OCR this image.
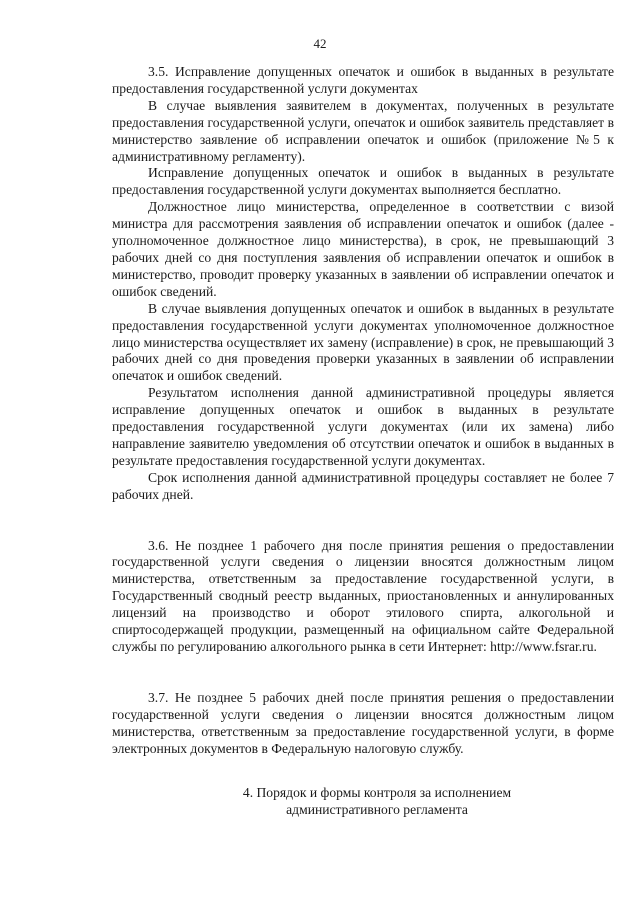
42

3.5. Исправление допущенных опечаток и ошибок в выданных в результате предоставления государственной услуги документах

В случае выявления заявителем в документах, полученных в результате предоставления государственной услуги, опечаток и ошибок заявитель представляет в министерство заявление об исправлении опечаток и ошибок (приложение №5 к административному регламенту).

Исправление допущенных опечаток и ошибок в выданных в результате предоставления государственной услуги документах выполняется бесплатно.

Должностное лицо министерства, определенное в соответствии с визой министра для рассмотрения заявления об исправлении опечаток и ошибок (далее - уполномоченное должностное лицо министерства), в срок, не превышающий 3 рабочих дней со дня поступления заявления об исправлении опечаток и ошибок в министерство, проводит проверку указанных в заявлении об исправлении опечаток и ошибок сведений.

В случае выявления допущенных опечаток и ошибок в выданных в результате предоставления государственной услуги документах уполномоченное должностное лицо министерства осуществляет их замену (исправление) в срок, не превышающий 3 рабочих дней со дня проведения проверки указанных в заявлении об исправлении опечаток и ошибок сведений.

Результатом исполнения данной административной процедуры является исправление допущенных опечаток и ошибок в выданных в результате предоставления государственной услуги документах (или их замена) либо направление заявителю уведомления об отсутствии опечаток и ошибок в выданных в результате предоставления государственной услуги документах.

Срок исполнения данной административной процедуры составляет не более 7 рабочих дней.

3.6. Не позднее 1 рабочего дня после принятия решения о предоставлении государственной услуги сведения о лицензии вносятся должностным лицом министерства, ответственным за предоставление государственной услуги, в Государственный сводный реестр выданных, приостановленных и аннулированных лицензий на производство и оборот этилового спирта, алкогольной и спиртосодержащей продукции, размещенный на официальном сайте Федеральной службы по регулированию алкогольного рынка в сети Интернет: http://www.fsrar.ru.

3.7. Не позднее 5 рабочих дней после принятия решения о предоставлении государственной услуги сведения о лицензии вносятся должностным лицом министерства, ответственным за предоставление государственной услуги, в форме электронных документов в Федеральную налоговую службу.

4. Порядок и формы контроля за исполнением
административного регламента
